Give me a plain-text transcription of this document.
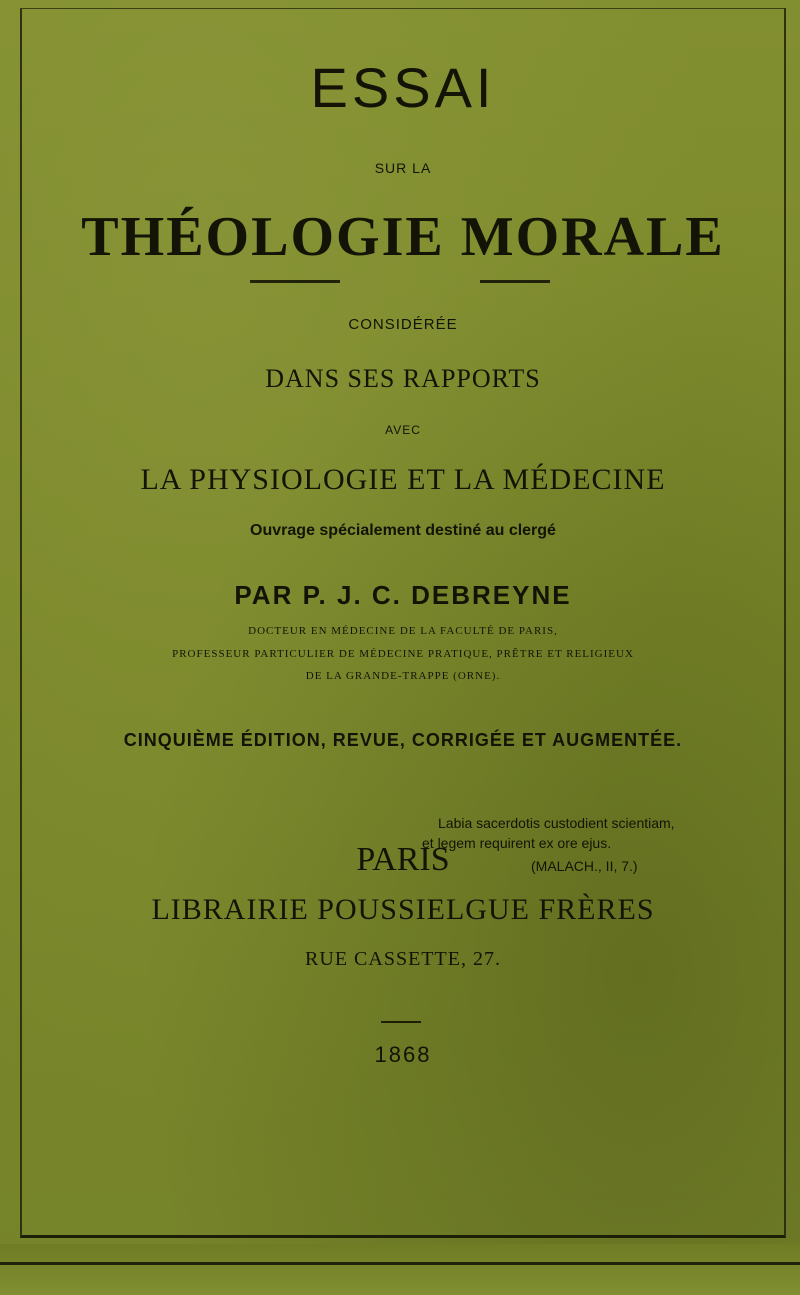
ESSAI
SUR LA
THÉOLOGIE MORALE
CONSIDÉRÉE
DANS SES RAPPORTS
AVEC
LA PHYSIOLOGIE ET LA MÉDECINE
Ouvrage spécialement destiné au clergé
PAR P. J. C. DEBREYNE
DOCTEUR EN MÉDECINE DE LA FACULTÉ DE PARIS,
PROFESSEUR PARTICULIER DE MÉDECINE PRATIQUE, PRÊTRE ET RELIGIEUX
DE LA GRANDE-TRAPPE (ORNE).
CINQUIÈME ÉDITION, REVUE, CORRIGÉE ET AUGMENTÉE.
Labia sacerdotis custodient scientiam,
et legem requirent ex ore ejus.
(MALACH., II, 7.)
PARIS
LIBRAIRIE POUSSIELGUE FRÈRES
RUE CASSETTE, 27.
1868
